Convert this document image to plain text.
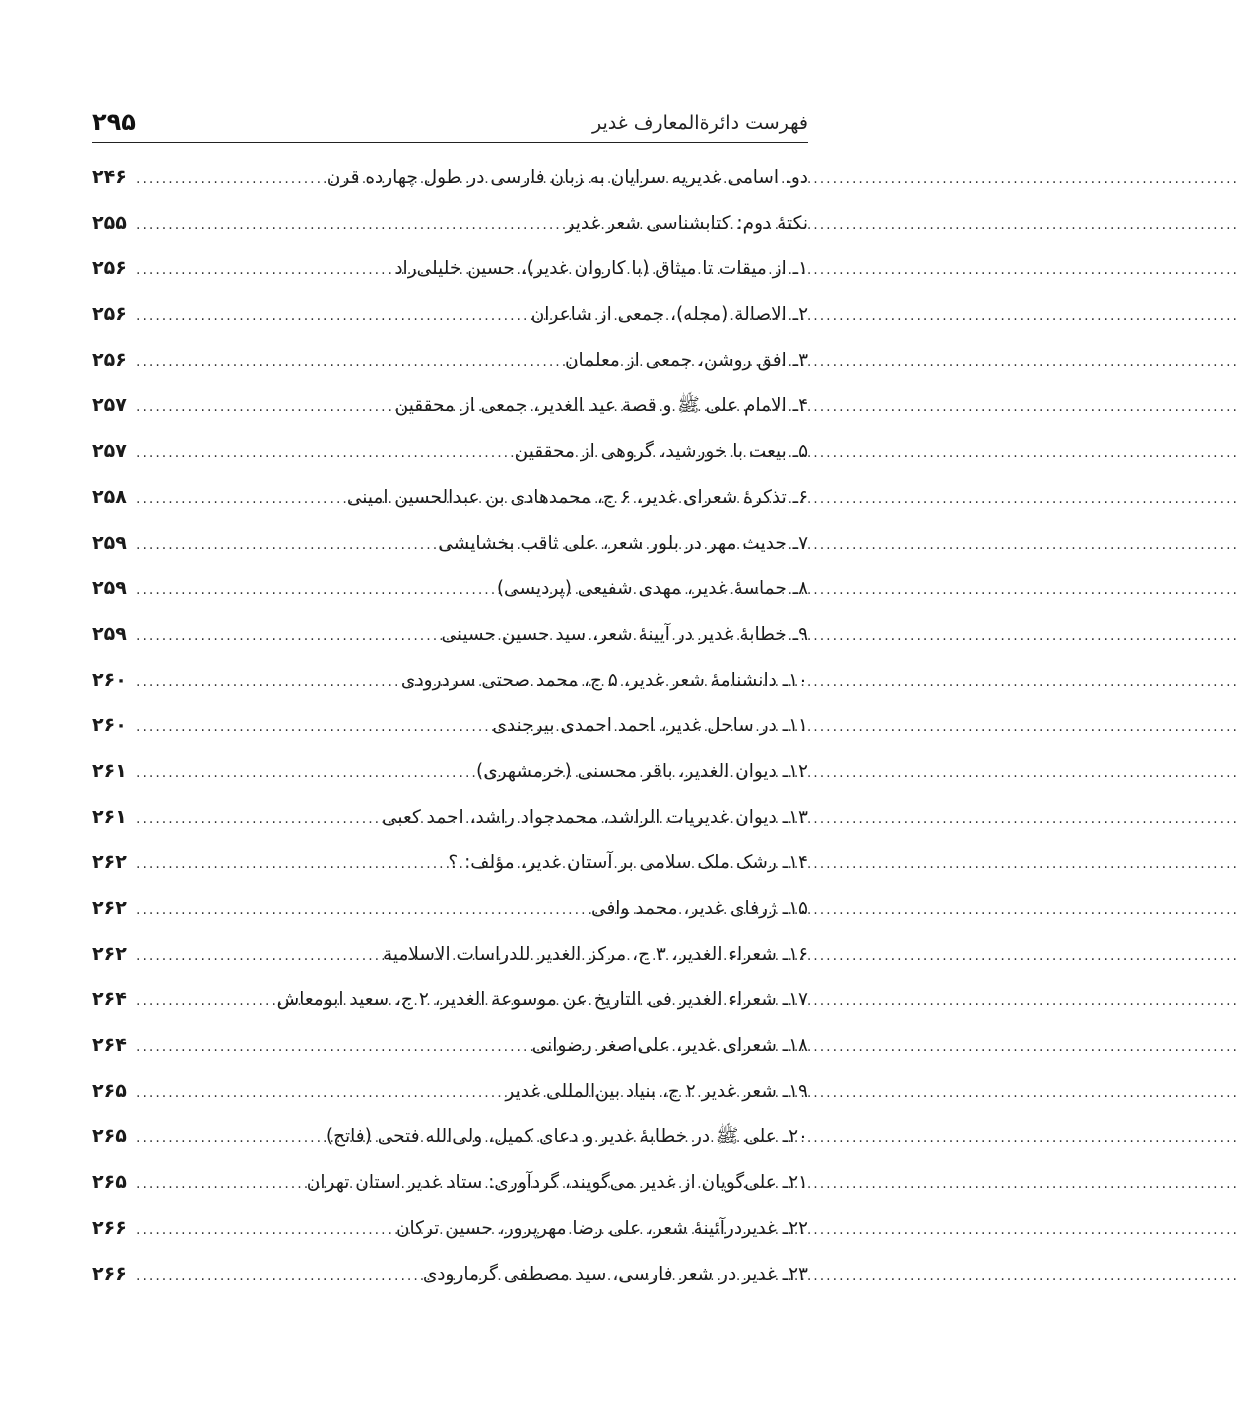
فهرست دائرةالمعارف غدیر
۲۹۵
دو. اسامی غدیریه سرایان به زبان فارسی در طول چهارده قرن
.....
۲۴۶
نکتهٔ دوم: کتابشناسی شعر غدیر
.....
۲۵۵
۱ـ از میقات تا میثاق (با کاروان غدیر)، حسین خلیلی‌راد
.....
۲۵۶
۲ـ الاصالة (مجله)، جمعی از شاعران
.....
۲۵۶
۳ـ افق روشن، جمعی از معلمان
.....
۲۵۶
۴ـ الامام علی ﷺ و قصة عید الغدیر، جمعی از محققین
.....
۲۵۷
۵ـ بیعت با خورشید، گروهی از محققین
.....
۲۵۷
۶ـ تذکرهٔ شعرای غدیر، ۶ ج، محمدهادی بن عبدالحسین امینی
.....
۲۵۸
۷ـ حدیث مهر در بلور شعر، علی ثاقب بخشایشی
.....
۲۵۹
۸ـ حماسهٔ غدیر، مهدی شفیعی (پردیسی)
.....
۲۵۹
۹ـ خطابهٔ غدیر در آیینهٔ شعر، سید حسین حسینی
.....
۲۵۹
۱۰ـ دانشنامهٔ شعر غدیر، ۵ ج، محمد صحتی سردرودی
.....
۲۶۰
۱۱ـ در ساحل غدیر، احمد احمدی بیرجندی
.....
۲۶۰
۱۲ـ دیوان الغدیر، باقر محسنی (خرمشهری)
.....
۲۶۱
۱۳ـ دیوان غدیریات الراشد، محمدجواد راشد، احمد کعبی
.....
۲۶۱
۱۴ـ رشک ملک سلامی بر آستان غدیر، مؤلف: ؟
.....
۲۶۲
۱۵ـ ژرفای غدیر، محمد وافی
.....
۲۶۲
۱۶ـ شعراء الغدیر، ۳ ج، مرکز الغدیر للدراسات الاسلامیة
.....
۲۶۲
۱۷ـ شعراء الغدیر فی التاریخ عن موسوعة الغدیر، ۲ ج، سعید ابومعاش
.....
۲۶۴
۱۸ـ شعرای غدیر، علی‌اصغر رضوانی
.....
۲۶۴
۱۹ـ شعر غدیر ۲ ج، بنیاد بین‌المللی غدیر
.....
۲۶۵
۲۰ـ علی ﷺ در خطابهٔ غدیر و دعای کمیل، ولی‌الله فتحی (فاتح)
.....
۲۶۵
۲۱ـ علی‌گویان از غدیر می‌گویند، گردآوری: ستاد غدیر استان تهران
.....
۲۶۵
۲۲ـ غدیردرآئینهٔ شعر، علی رضا مهرپرور، حسین ترکان
.....
۲۶۶
۲۳ـ غدیر در شعر فارسی، سید مصطفی گرمارودی
.....
۲۶۶
